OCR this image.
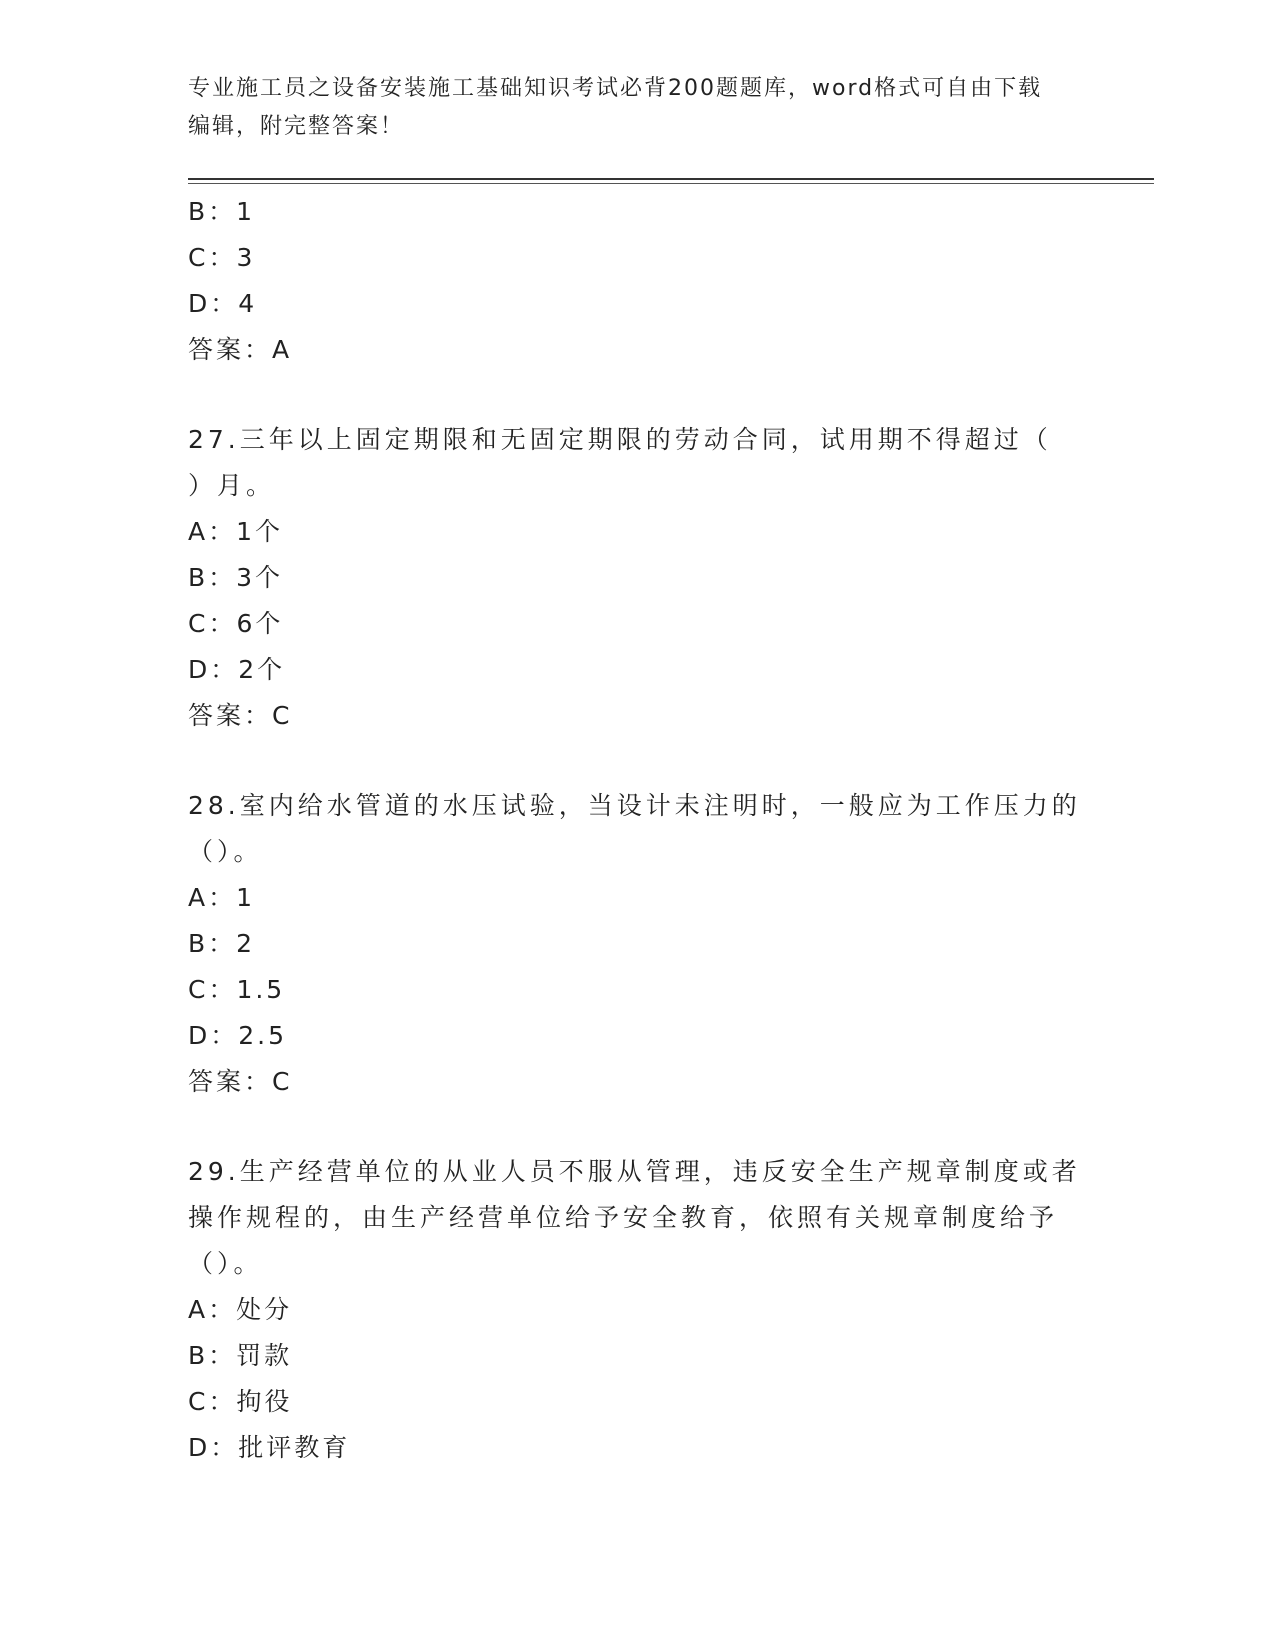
专业施工员之设备安装施工基础知识考试必背200题题库，word格式可自由下载
编辑，附完整答案！
B：1
C：3
D：4
答案：A
27.三年以上固定期限和无固定期限的劳动合同，试用期不得超过（
）月。
A：1个
B：3个
C：6个
D：2个
答案：C
28.室内给水管道的水压试验，当设计未注明时，一般应为工作压力的
（）。
A：1
B：2
C：1.5
D：2.5
答案：C
29.生产经营单位的从业人员不服从管理，违反安全生产规章制度或者
操作规程的，由生产经营单位给予安全教育，依照有关规章制度给予
（）。
A：处分
B：罚款
C：拘役
D：批评教育
